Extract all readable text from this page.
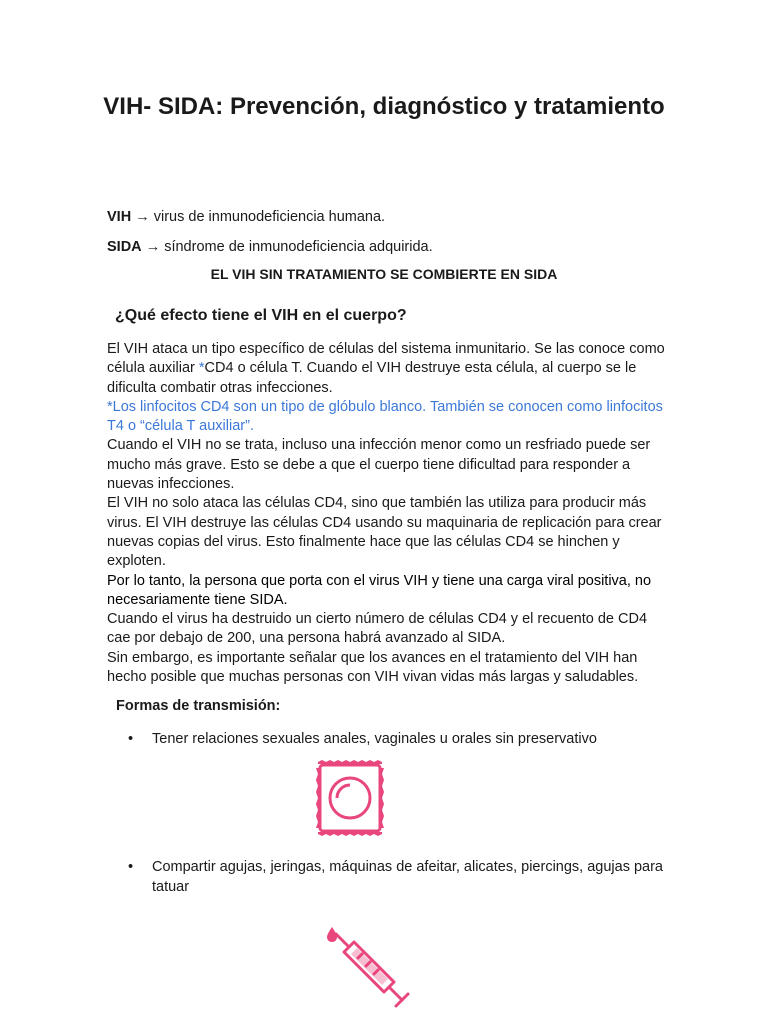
VIH- SIDA: Prevención, diagnóstico y tratamiento

VIH → virus de inmunodeficiencia humana.

SIDA → síndrome de inmunodeficiencia adquirida.

EL VIH SIN TRATAMIENTO SE COMBIERTE EN SIDA

¿Qué efecto tiene el VIH en el cuerpo?

El VIH ataca un tipo específico de células del sistema inmunitario. Se las conoce como célula auxiliar *CD4 o célula T. Cuando el VIH destruye esta célula, al cuerpo se le dificulta combatir otras infecciones.

*Los linfocitos CD4 son un tipo de glóbulo blanco. También se conocen como linfocitos T4 o “célula T auxiliar”.

Cuando el VIH no se trata, incluso una infección menor como un resfriado puede ser mucho más grave. Esto se debe a que el cuerpo tiene dificultad para responder a nuevas infecciones.

El VIH no solo ataca las células CD4, sino que también las utiliza para producir más virus. El VIH destruye las células CD4 usando su maquinaria de replicación para crear nuevas copias del virus. Esto finalmente hace que las células CD4 se hinchen y exploten.

Por lo tanto, la persona que porta con el virus VIH y tiene una carga viral positiva, no necesariamente tiene SIDA.

Cuando el virus ha destruido un cierto número de células CD4 y el recuento de CD4 cae por debajo de 200, una persona habrá avanzado al SIDA.

Sin embargo, es importante señalar que los avances en el tratamiento del VIH han hecho posible que muchas personas con VIH vivan vidas más largas y saludables.

Formas de transmisión:
• Tener relaciones sexuales anales, vaginales u orales sin preservativo
• Compartir agujas, jeringas, máquinas de afeitar, alicates, piercings, agujas para tatuar
